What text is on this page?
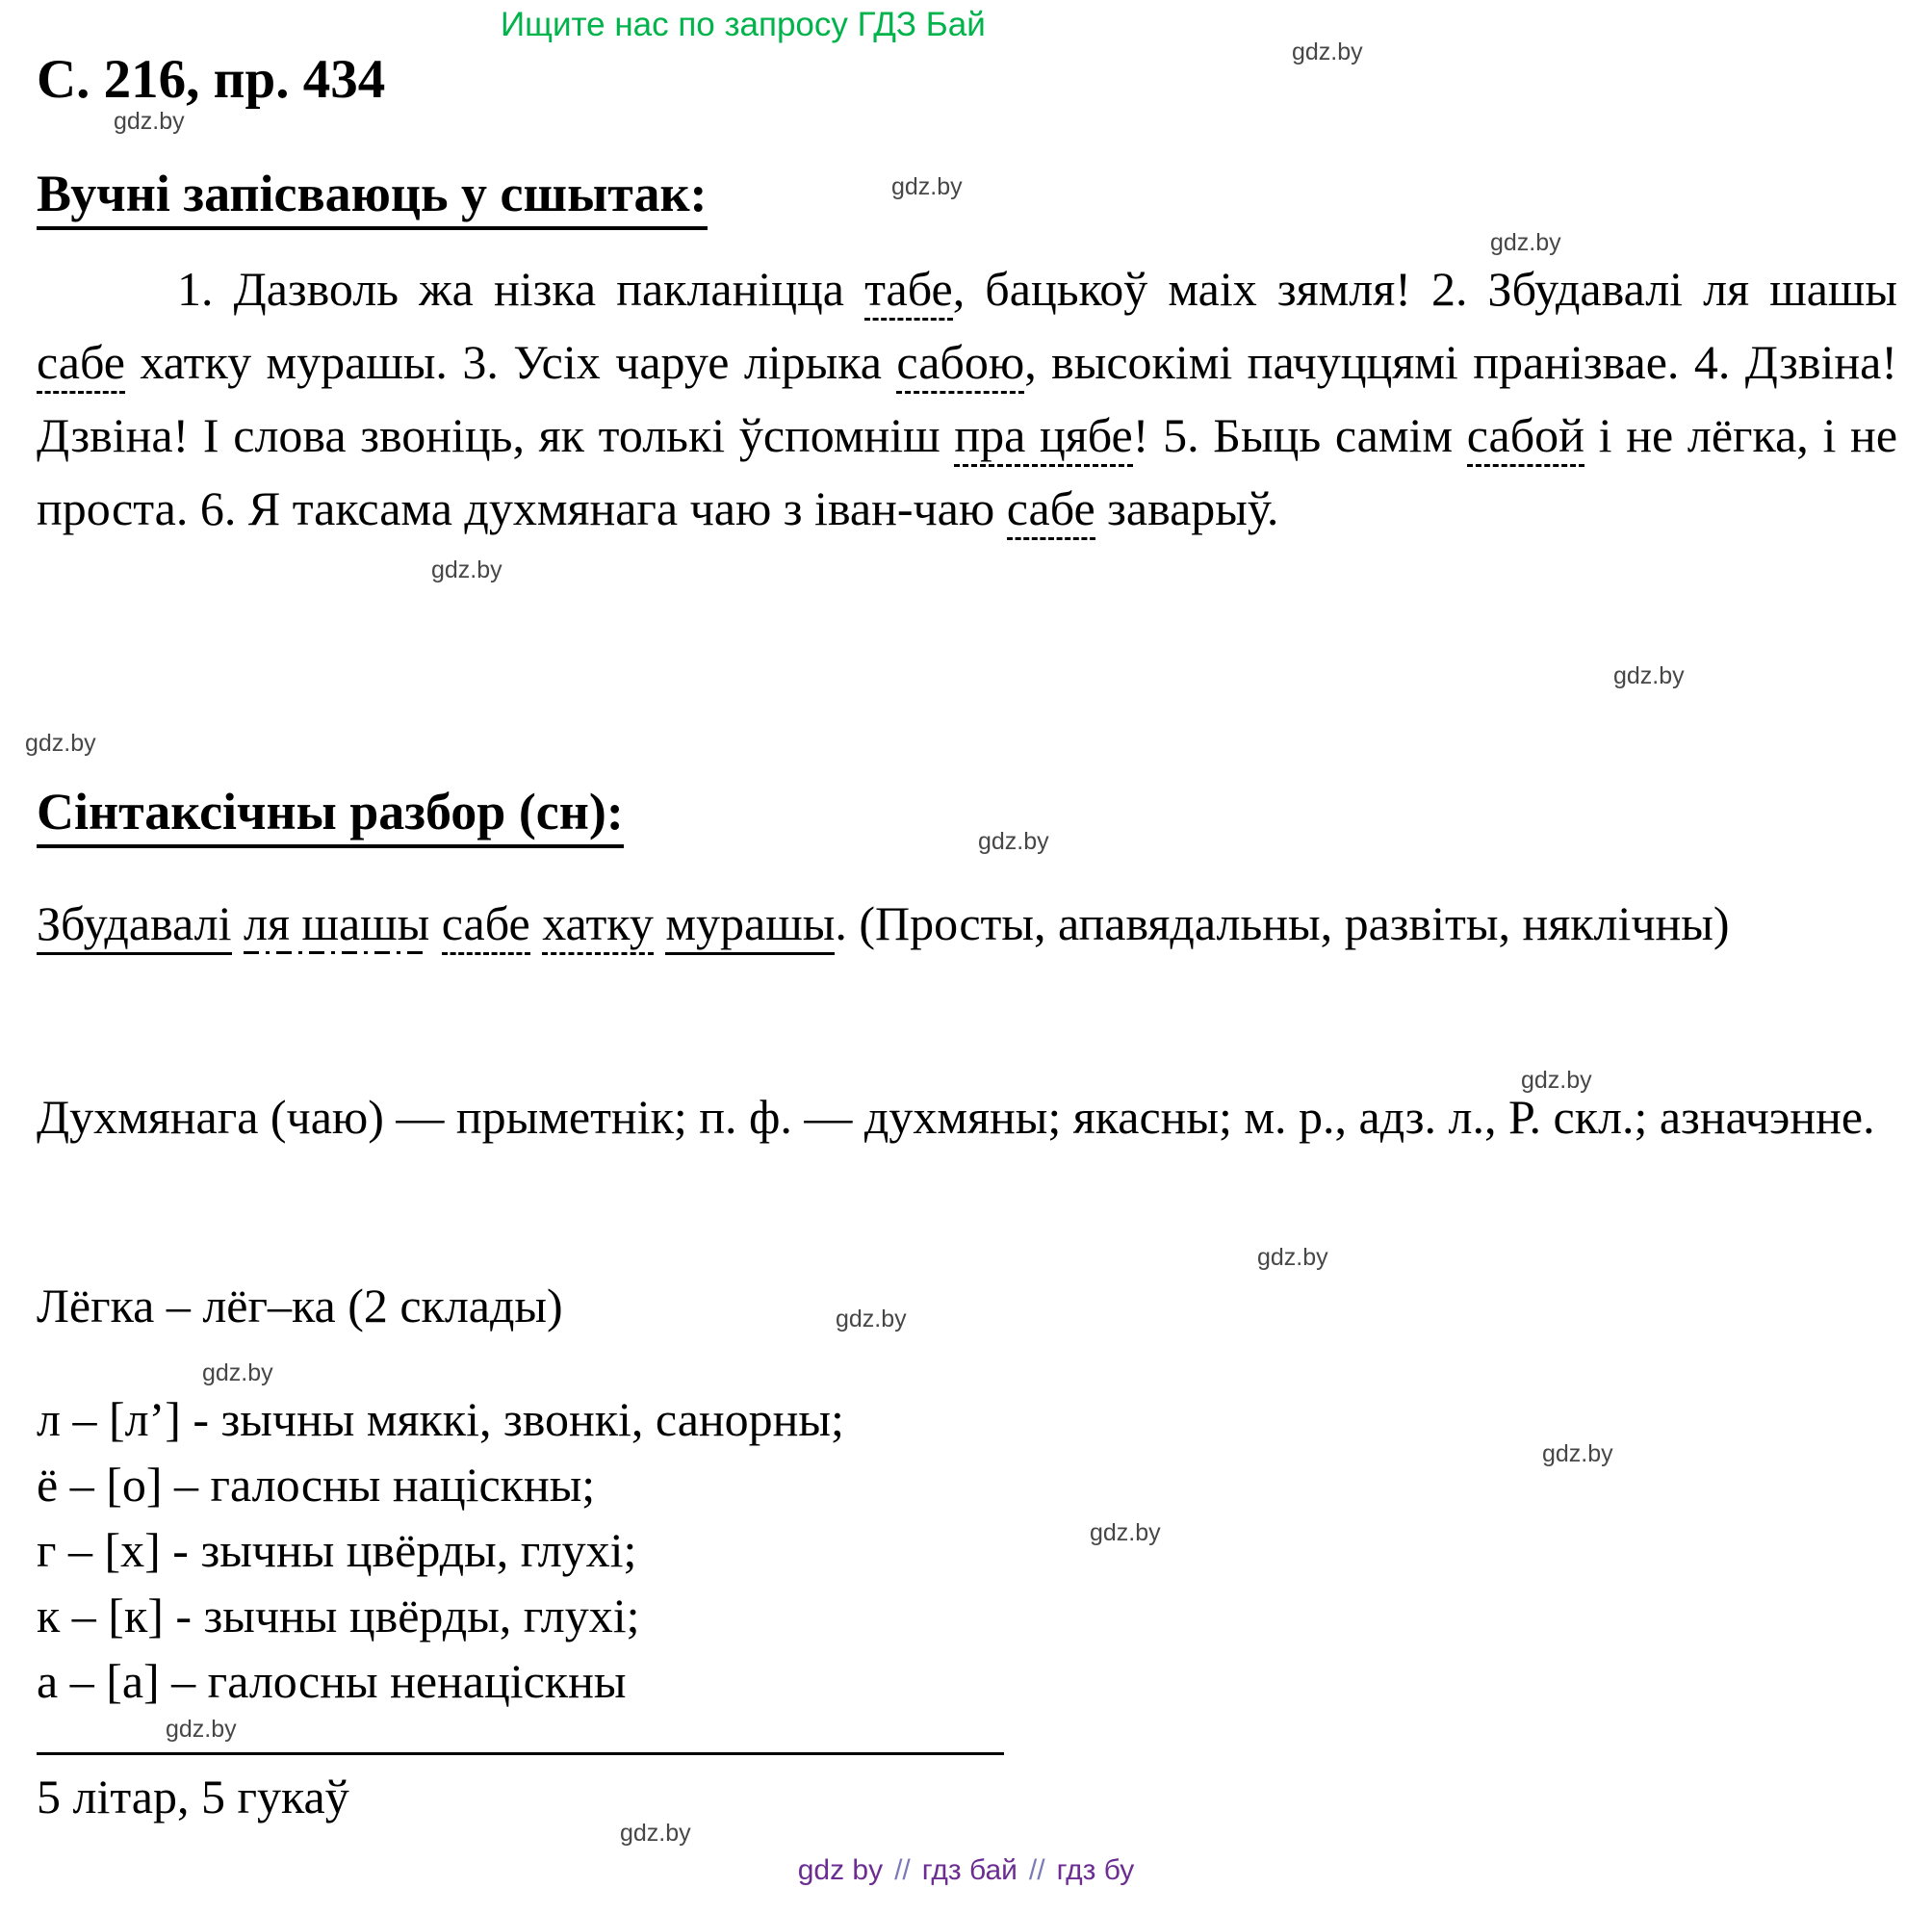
Ищите нас по запросу ГДЗ Бай
С. 216, пр. 434	gdz.by
gdz.by
gdz.by
gdz.by
gdz.by
gdz.by
gdz.by
gdz.by
gdz.by
gdz.by
gdz.by
gdz.by
gdz.by
gdz.by
gdz.by
gdz.by
Вучні запісваюць у сшытак:

1. Дазволь жа нізка пакланіцца табе, бацькоў маіх зямля! 2. Збудавалі ля шашы сабе хатку мурашы. 3. Усіх чаруе лірыка сабою, высокімі пачуццямі пранізвае. 4. Дзвіна! Дзвіна! І слова звоніць, як толькі ўспомніш пра цябе! 5. Быць самім сабой і не лёгка, і не проста. 6. Я таксама духмянага чаю з іван-чаю сабе заварыў.

Сінтаксічны разбор (сн):

Збудавалі ля шашы сабе хатку мурашы. (Просты, апавядальны, развіты, няклічны)

Духмянага (чаю) — прыметнік; п. ф. — духмяны; якасны; м. р., адз. л., Р. скл.; азначэнне.

Лёгка – лёг–ка (2 склады)

л – [л’] - зычны мяккі, звонкі, санорны;
ё – [о] – галосны націскны;
г – [х] - зычны цвёрды, глухі;
к – [к] - зычны цвёрды, глухі;
а – [а] – галосны ненаціскны

5 літар, 5 гукаў

gdz by // гдз бай // гдз бу
